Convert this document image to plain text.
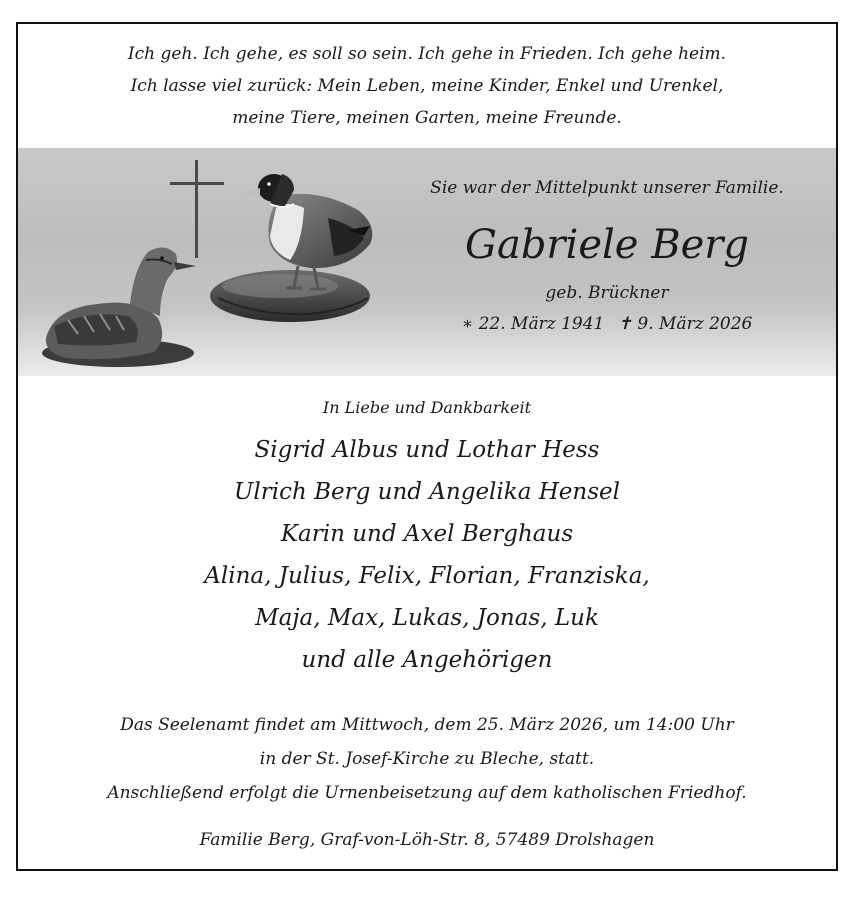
Ich geh. Ich gehe, es soll so sein. Ich gehe in Frieden. Ich gehe heim.
Ich lasse viel zurück: Mein Leben, meine Kinder, Enkel und Urenkel,
meine Tiere, meinen Garten, meine Freunde.
Sie war der Mittelpunkt unserer Familie.
Gabriele Berg
geb. Brückner
∗ 22. März 1941 ✝ 9. März 2026
In Liebe und Dankbarkeit
Sigrid Albus und Lothar Hess
Ulrich Berg und Angelika Hensel
Karin und Axel Berghaus
Alina, Julius, Felix, Florian, Franziska,
Maja, Max, Lukas, Jonas, Luk
und alle Angehörigen
Das Seelenamt findet am Mittwoch, dem 25. März 2026, um 14:00 Uhr
in der St. Josef-Kirche zu Bleche, statt.
Anschließend erfolgt die Urnenbeisetzung auf dem katholischen Friedhof.
Familie Berg, Graf-von-Löh-Str. 8, 57489 Drolshagen
